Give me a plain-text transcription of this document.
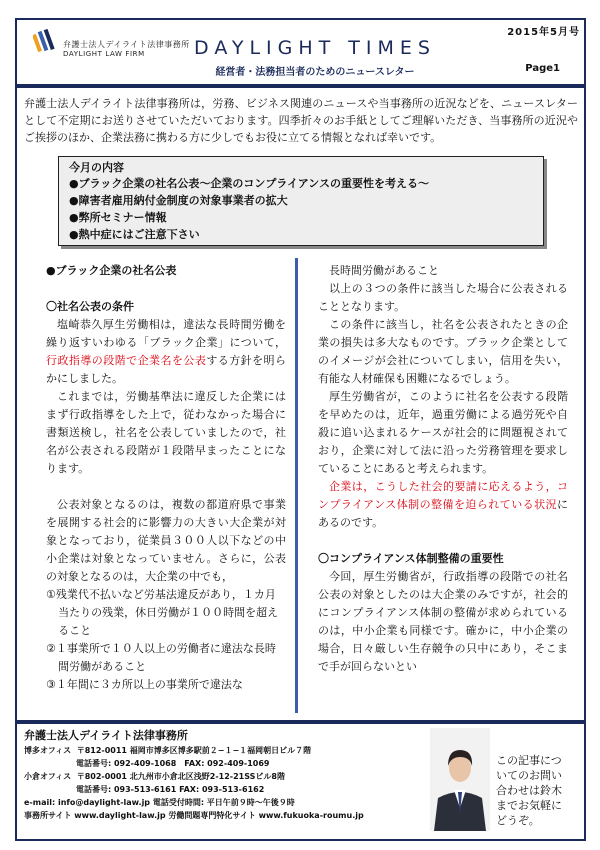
弁護士法人デイライト法律事務所
DAYLIGHT LAW FIRM
2015年5月号
DAYLIGHT TIMES
経営者・法務担当者のためのニュースレター	Page1

弁護士法人デイライト法律事務所は，労務、ビジネス関連のニュースや当事務所の近況などを、ニュースレターとして不定期にお送りさせていただいております。四季折々のお手紙としてご理解いただき、当事務所の近況やご挨拶のほか、企業法務に携わる方に少しでもお役に立てる情報となれば幸いです。

今月の内容
●ブラック企業の社名公表〜企業のコンプライアンスの重要性を考える〜
●障害者雇用納付金制度の対象事業者の拡大
●弊所セミナー情報
●熱中症にはご注意下さい
●ブラック企業の社名公表
〇社名公表の条件

塩崎恭久厚生労働相は，違法な長時間労働を繰り返すいわゆる「ブラック企業」について，行政指導の段階で企業名を公表する方針を明らかにしました。

これまでは，労働基準法に違反した企業にはまず行政指導をした上で，従わなかった場合に書類送検し，社名を公表していましたので，社名が公表される段階が１段階早まったことになります。

公表対象となるのは，複数の都道府県で事業を展開する社会的に影響力の大きい大企業が対象となっており，従業員３００人以下などの中小企業は対象となっていません。さらに，公表の対象となるのは，大企業の中でも，

①残業代不払いなど労基法違反があり，１カ月当たりの残業，休日労働が１００時間を超えること

②１事業所で１０人以上の労働者に違法な長時間労働があること

③１年間に３カ所以上の事業所で違法な

長時間労働があること

以上の３つの条件に該当した場合に公表されることとなります。

この条件に該当し，社名を公表されたときの企業の損失は多大なものです。ブラック企業としてのイメージが会社についてしまい，信用を失い，有能な人材確保も困難になるでしょう。

厚生労働省が，このように社名を公表する段階を早めたのは，近年，過重労働による過労死や自殺に追い込まれるケースが社会的に問題視されており，企業に対して法に沿った労務管理を要求していることにあると考えられます。

企業は，こうした社会的要請に応えるよう，コンプライアンス体制の整備を迫られている状況にあるのです。

〇コンプライアンス体制整備の重要性

今回，厚生労働省が，行政指導の段階での社名公表の対象としたのは大企業のみですが，社会的にコンプライアンス体制の整備が求められているのは，中小企業も同様です。確かに，中小企業の場合，日々厳しい生存競争の只中にあり，そこまで手が回らないとい

弁護士法人デイライト法律事務所
博多オフィス 〒812-0011 福岡市博多区博多駅前２−１−１福岡朝日ビル７階
電話番号: 092-409-1068　FAX: 092-409-1069
小倉オフィス 〒802-0001 北九州市小倉北区浅野2-12-21SSビル8階
電話番号: 093-513-6161 FAX: 093-513-6162
e-mail: info@daylight-law.jp 電話受付時間: 平日午前９時〜午後９時
事務所サイト www.daylight-law.jp 労働問題専門特化サイト www.fukuoka-roumu.jp

この記事についてのお問い合わせは鈴木までお気軽にどうぞ。
